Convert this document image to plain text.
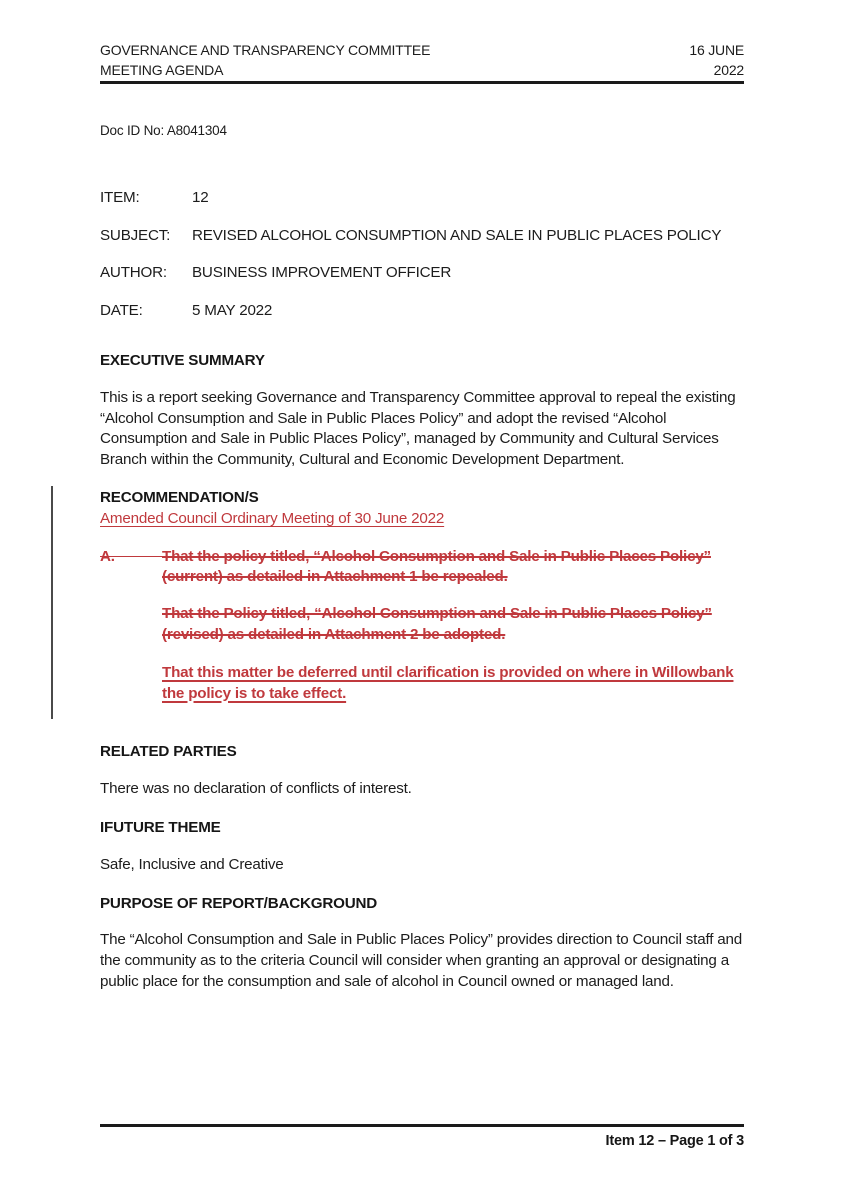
GOVERNANCE AND TRANSPARENCY COMMITTEE
MEETING AGENDA
16 JUNE
2022
Doc ID No: A8041304
ITEM:	12
SUBJECT:	REVISED ALCOHOL CONSUMPTION AND SALE IN PUBLIC PLACES POLICY
AUTHOR:	BUSINESS IMPROVEMENT OFFICER
DATE:	5 MAY 2022
EXECUTIVE SUMMARY
This is a report seeking Governance and Transparency Committee approval to repeal the existing “Alcohol Consumption and Sale in Public Places Policy” and adopt the revised “Alcohol Consumption and Sale in Public Places Policy”, managed by Community and Cultural Services Branch within the Community, Cultural and Economic Development Department.
RECOMMENDATION/S
Amended Council Ordinary Meeting of 30 June 2022
A.	That the policy titled, “Alcohol Consumption and Sale in Public Places Policy” (current) as detailed in Attachment 1 be repealed.
That the Policy titled, “Alcohol Consumption and Sale in Public Places Policy” (revised) as detailed in Attachment 2 be adopted.
That this matter be deferred until clarification is provided on where in Willowbank the policy is to take effect.
RELATED PARTIES
There was no declaration of conflicts of interest.
IFUTURE THEME
Safe, Inclusive and Creative
PURPOSE OF REPORT/BACKGROUND
The “Alcohol Consumption and Sale in Public Places Policy” provides direction to Council staff and the community as to the criteria Council will consider when granting an approval or designating a public place for the consumption and sale of alcohol in Council owned or managed land.
Item 12 – Page 1 of 3
